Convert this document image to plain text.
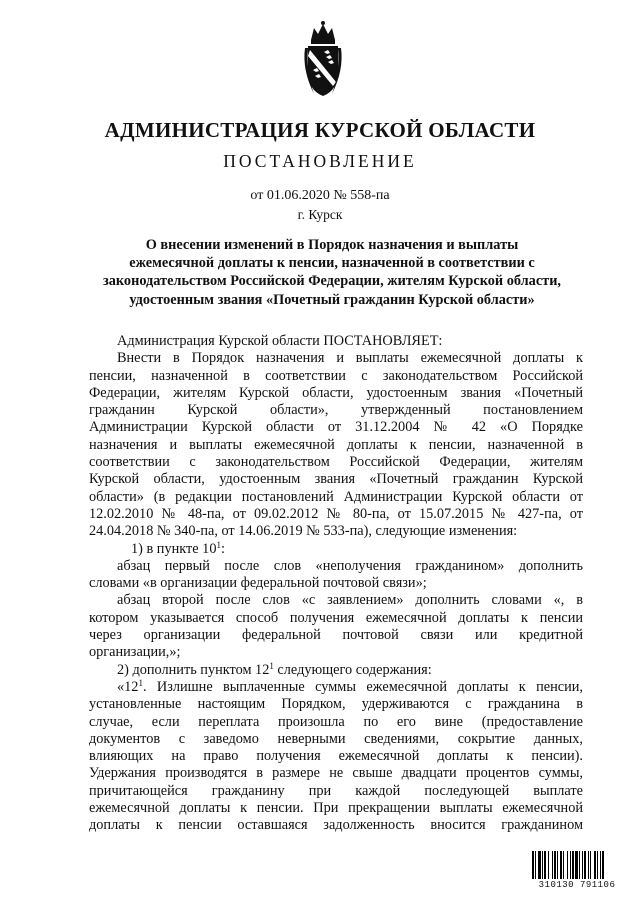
АДМИНИСТРАЦИЯ КУРСКОЙ ОБЛАСТИ
ПОСТАНОВЛЕНИЕ
от 01.06.2020 № 558-па
г. Курск
О внесении изменений в Порядок назначения и выплаты
ежемесячной доплаты к пенсии, назначенной в соответствии с
законодательством Российской Федерации, жителям Курской области,
удостоенным звания «Почетный гражданин Курской области»
Администрация Курской области ПОСТАНОВЛЯЕТ:
Внести в Порядок назначения и выплаты ежемесячной доплаты к
пенсии, назначенной в соответствии с законодательством Российской
Федерации, жителям Курской области, удостоенным звания «Почетный
гражданин Курской области», утвержденный постановлением
Администрации Курской области от 31.12.2004 № 42 «О Порядке
назначения и выплаты ежемесячной доплаты к пенсии, назначенной в
соответствии с законодательством Российской Федерации, жителям
Курской области, удостоенным звания «Почетный гражданин Курской
области» (в редакции постановлений Администрации Курской области от
12.02.2010 № 48-па, от 09.02.2012 № 80-па, от 15.07.2015 № 427-па, от
24.04.2018 № 340-па, от 14.06.2019 № 533-па), следующие изменения:
1) в пункте $10^1$:
абзац первый после слов «неполучения гражданином» дополнить
словами «в организации федеральной почтовой связи»;
абзац второй после слов «с заявлением» дополнить словами «, в
котором указывается способ получения ежемесячной доплаты к пенсии
через организации федеральной почтовой связи или кредитной
организации,»;
2) дополнить пунктом $12^1$ следующего содержания:
«$12^1$. Излишне выплаченные суммы ежемесячной доплаты к пенсии,
установленные настоящим Порядком, удерживаются с гражданина в
случае, если переплата произошла по его вине (предоставление
документов с заведомо неверными сведениями, сокрытие данных,
влияющих на право получения ежемесячной доплаты к пенсии).
Удержания производятся в размере не свыше двадцати процентов суммы,
причитающейся гражданину при каждой последующей выплате
ежемесячной доплаты к пенсии. При прекращении выплаты ежемесячной
доплаты к пенсии оставшаяся задолженность вносится гражданином
310130 791106
